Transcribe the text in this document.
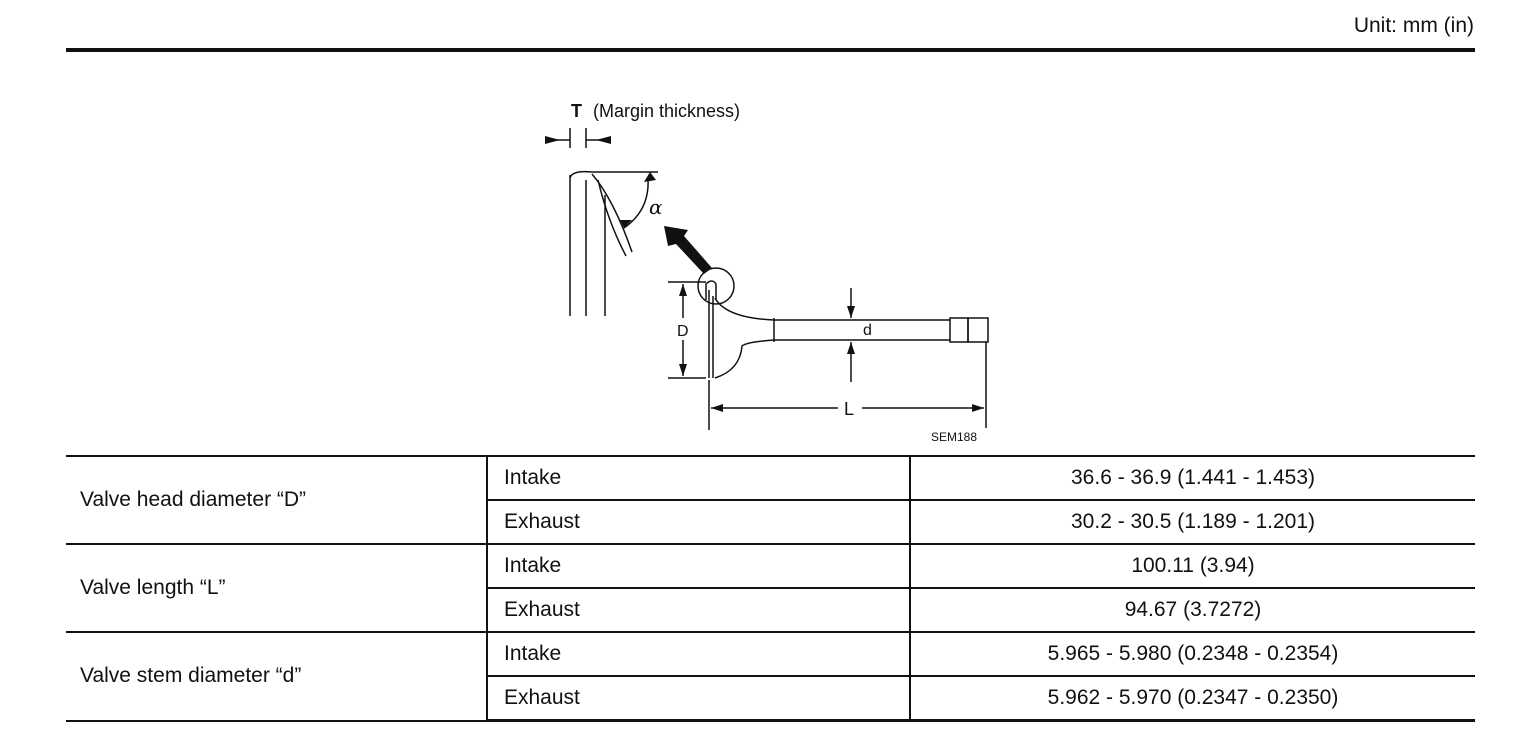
Unit: mm (in)
T (Margin thickness)
α
D	d
L
SEM188
Valve head diameter “D”	Intake	36.6 - 36.9 (1.441 - 1.453)
	Exhaust	30.2 - 30.5 (1.189 - 1.201)
Valve length “L”	Intake	100.11 (3.94)
	Exhaust	94.67 (3.7272)
Valve stem diameter “d”	Intake	5.965 - 5.980 (0.2348 - 0.2354)
	Exhaust	5.962 - 5.970 (0.2347 - 0.2350)
